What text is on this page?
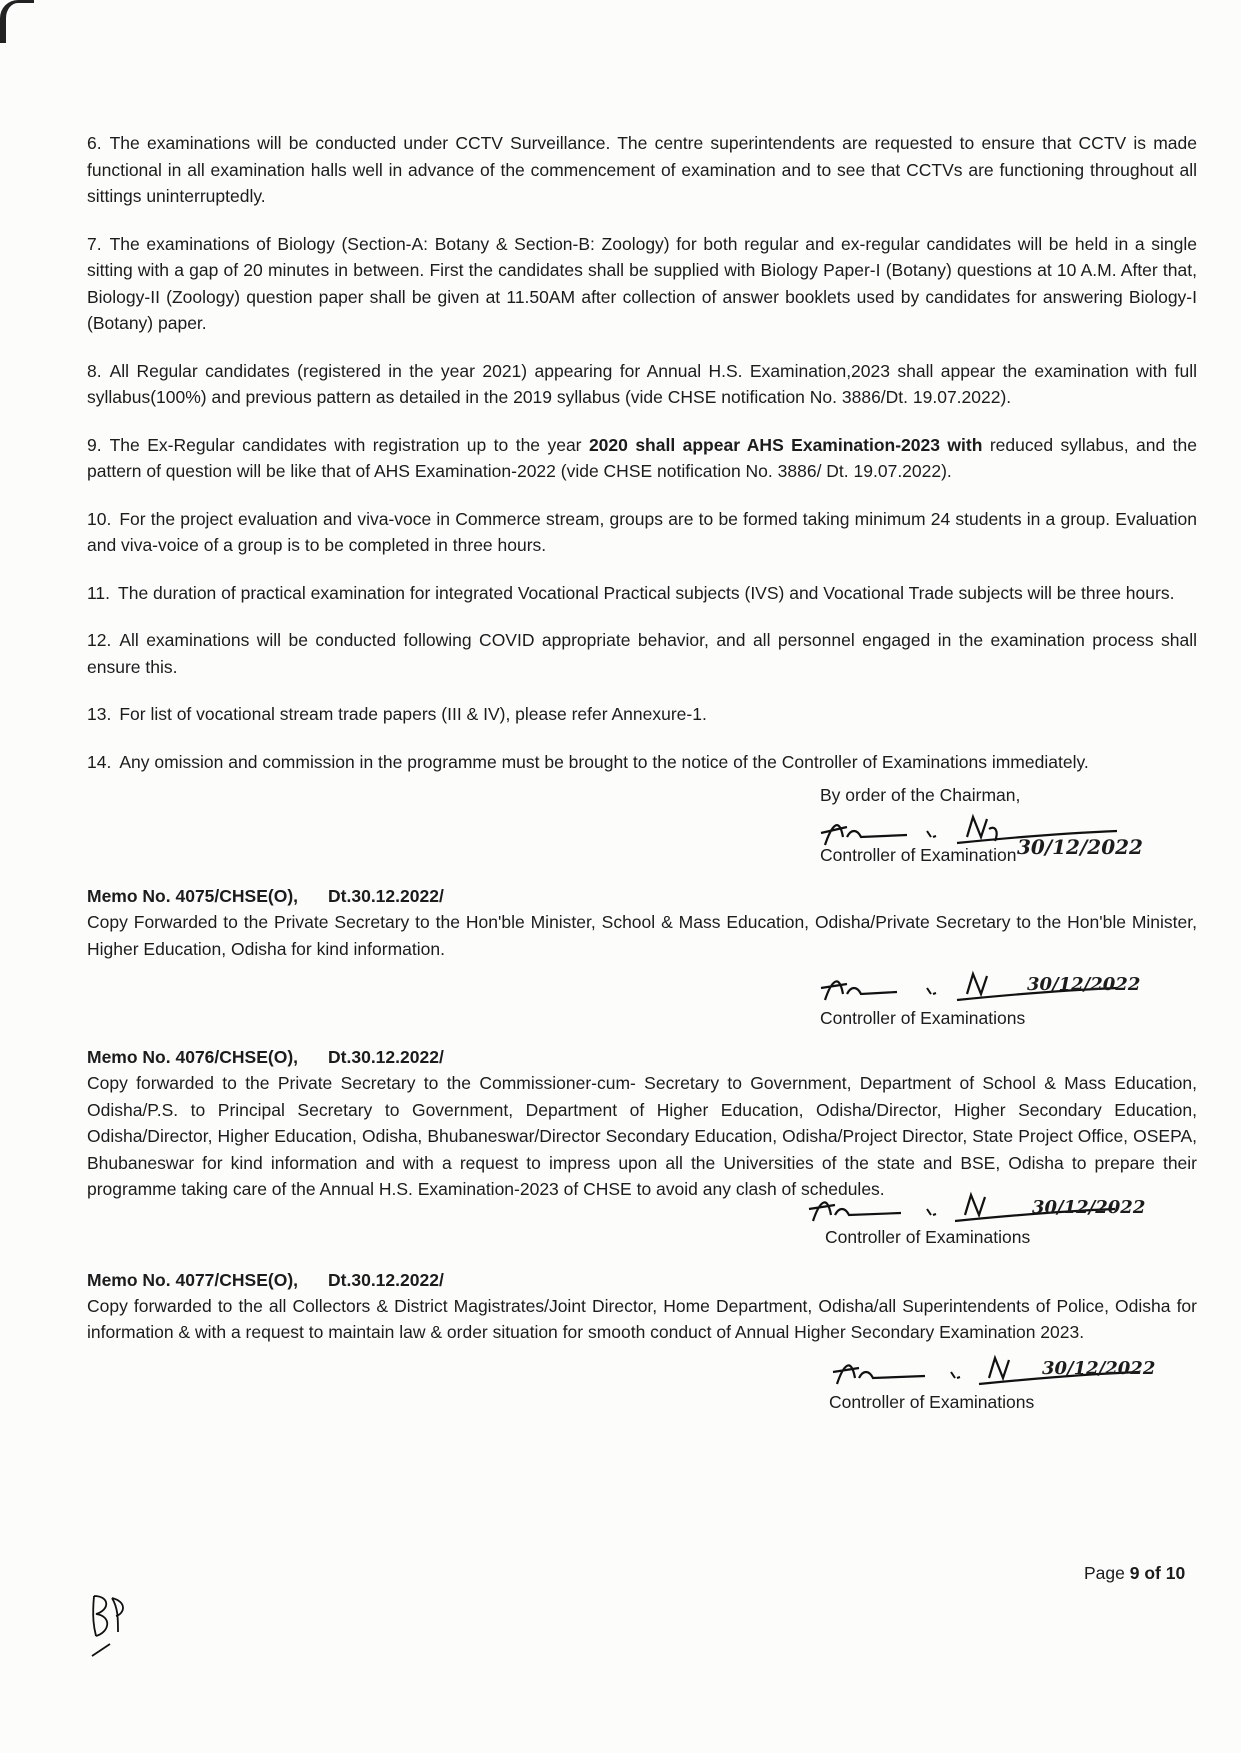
6. The examinations will be conducted under CCTV Surveillance. The centre superintendents are requested to ensure that CCTV is made functional in all examination halls well in advance of the commencement of examination and to see that CCTVs are functioning throughout all sittings uninterruptedly.

7. The examinations of Biology (Section-A: Botany & Section-B: Zoology) for both regular and ex-regular candidates will be held in a single sitting with a gap of 20 minutes in between. First the candidates shall be supplied with Biology Paper-I (Botany) questions at 10 A.M. After that, Biology-II (Zoology) question paper shall be given at 11.50AM after collection of answer booklets used by candidates for answering Biology-I (Botany) paper.

8. All Regular candidates (registered in the year 2021) appearing for Annual H.S. Examination,2023 shall appear the examination with full syllabus(100%) and previous pattern as detailed in the 2019 syllabus (vide CHSE notification No. 3886/Dt. 19.07.2022).

9. The Ex-Regular candidates with registration up to the year 2020 shall appear AHS Examination-2023 with reduced syllabus, and the pattern of question will be like that of AHS Examination-2022 (vide CHSE notification No. 3886/ Dt. 19.07.2022).

10. For the project evaluation and viva-voce in Commerce stream, groups are to be formed taking minimum 24 students in a group. Evaluation and viva-voice of a group is to be completed in three hours.

11. The duration of practical examination for integrated Vocational Practical subjects (IVS) and Vocational Trade subjects will be three hours.

12. All examinations will be conducted following COVID appropriate behavior, and all personnel engaged in the examination process shall ensure this.

13. For list of vocational stream trade papers (III & IV), please refer Annexure-1.

14. Any omission and commission in the programme must be brought to the notice of the Controller of Examinations immediately.

By order of the Chairman,
30/12/2022
Controller of Examination

Memo No. 4075/CHSE(O), Dt.30.12.2022/

Copy Forwarded to the Private Secretary to the Hon'ble Minister, School & Mass Education, Odisha/Private Secretary to the Hon'ble Minister, Higher Education, Odisha for kind information.

30/12/2022
Controller of Examinations

Memo No. 4076/CHSE(O), Dt.30.12.2022/

Copy forwarded to the Private Secretary to the Commissioner-cum- Secretary to Government, Department of School & Mass Education, Odisha/P.S. to Principal Secretary to Government, Department of Higher Education, Odisha/Director, Higher Secondary Education, Odisha/Director, Higher Education, Odisha, Bhubaneswar/Director Secondary Education, Odisha/Project Director, State Project Office, OSEPA, Bhubaneswar for kind information and with a request to impress upon all the Universities of the state and BSE, Odisha to prepare their programme taking care of the Annual H.S. Examination-2023 of CHSE to avoid any clash of schedules.

30/12/2022
Controller of Examinations

Memo No. 4077/CHSE(O), Dt.30.12.2022/

Copy forwarded to the all Collectors & District Magistrates/Joint Director, Home Department, Odisha/all Superintendents of Police, Odisha for information & with a request to maintain law & order situation for smooth conduct of Annual Higher Secondary Examination 2023.

30/12/2022
Controller of Examinations
Page 9 of 10
